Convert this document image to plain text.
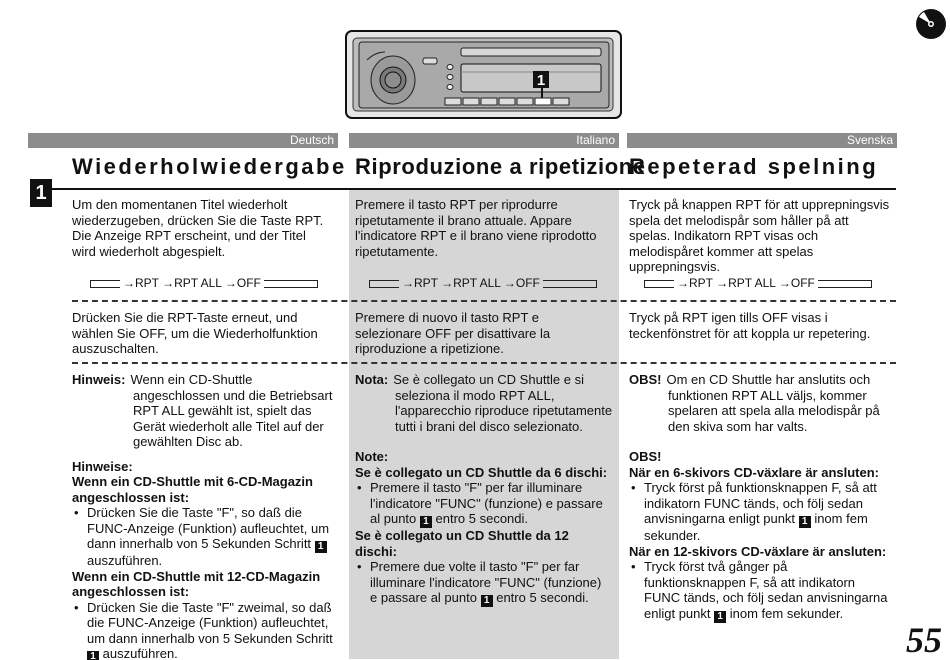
1
Deutsch	Italiano	Svenska
Wiederholwiedergabe Riproduzione a ripetizione
Repeterad spelning
1
Um den momentanen Titel wiederholt
wiederzugeben, drücken Sie die Taste RPT.
Die Anzeige RPT erscheint, und der Titel
wird wiederholt abgespielt.
Premere il tasto RPT per riprodurre
ripetutamente il brano attuale. Appare
l'indicatore RPT e il brano viene riprodotto
ripetutamente.
Tryck på knappen RPT för att upprepningsvis
spela det melodispår som håller på att
spelas. Indikatorn RPT visas och
melodispåret kommer att spelas
upprepningsvis.
→RPT →RPT ALL →OFF	→RPT →RPT ALL →OFF	→RPT →RPT ALL →OFF
Drücken Sie die RPT-Taste erneut, und
wählen Sie OFF, um die Wiederholfunktion
auszuschalten.
Premere di nuovo il tasto RPT e
selezionare OFF per disattivare la
riproduzione a ripetizione.
Tryck på RPT igen tills OFF visas i
teckenfönstret för att koppla ur repetering.
Hinweis: Wenn ein CD-Shuttle
angeschlossen und die Betriebsart
RPT ALL gewählt ist, spielt das
Gerät wiederholt alle Titel auf der
gewählten Disc ab.
Hinweise:
Wenn ein CD-Shuttle mit 6-CD-Magazin
angeschlossen ist:
• Drücken Sie die Taste "F", so daß die
FUNC-Anzeige (Funktion) aufleuchtet, um
dann innerhalb von 5 Sekunden Schritt 1
auszuführen.
Wenn ein CD-Shuttle mit 12-CD-Magazin
angeschlossen ist:
• Drücken Sie die Taste "F" zweimal, so daß
die FUNC-Anzeige (Funktion) aufleuchtet,
um dann innerhalb von 5 Sekunden Schritt
1 auszuführen.
Nota: Se è collegato un CD Shuttle e si
seleziona il modo RPT ALL,
l'apparecchio riproduce ripetutamente
tutti i brani del disco selezionato.
Note:
Se è collegato un CD Shuttle da 6 dischi:
• Premere il tasto "F" per far illuminare
l'indicatore "FUNC" (funzione) e passare
al punto 1 entro 5 secondi.
Se è collegato un CD Shuttle da 12
dischi:
• Premere due volte il tasto "F" per far
illuminare l'indicatore "FUNC" (funzione)
e passare al punto 1 entro 5 secondi.
OBS! Om en CD Shuttle har anslutits och
funktionen RPT ALL väljs, kommer
spelaren att spela alla melodispår på
den skiva som har valts.
OBS!
När en 6-skivors CD-växlare är ansluten:
• Tryck först på funktionsknappen F, så att
indikatorn FUNC tänds, och följ sedan
anvisningarna enligt punkt 1 inom fem
sekunder.
När en 12-skivors CD-växlare är ansluten:
• Tryck först två gånger på
funktionsknappen F, så att indikatorn
FUNC tänds, och följ sedan anvisningarna
enligt punkt 1 inom fem sekunder.
55
